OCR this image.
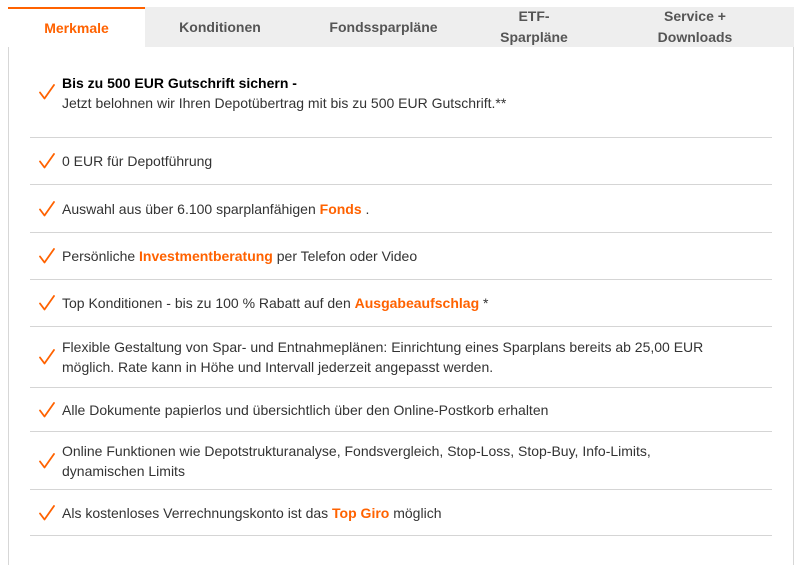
Merkmale	Konditionen	Fondssparpläne
ETF-
Sparpläne
Service +
Downloads
Bis zu 500 EUR Gutschrift sichern -
Jetzt belohnen wir Ihren Depotübertrag mit bis zu 500 EUR Gutschrift.**
0 EUR für Depotführung
Auswahl aus über 6.100 sparplanfähigen Fonds .
Persönliche Investmentberatung per Telefon oder Video
Top Konditionen - bis zu 100 % Rabatt auf den Ausgabeaufschlag *
Flexible Gestaltung von Spar- und Entnahmeplänen: Einrichtung eines Sparplans bereits ab 25,00 EUR möglich. Rate kann in Höhe und Intervall jederzeit angepasst werden.
Alle Dokumente papierlos und übersichtlich über den Online-Postkorb erhalten
Online Funktionen wie Depotstrukturanalyse, Fondsvergleich, Stop-Loss, Stop-Buy, Info-Limits, dynamischen Limits
Als kostenloses Verrechnungskonto ist das Top Giro möglich
